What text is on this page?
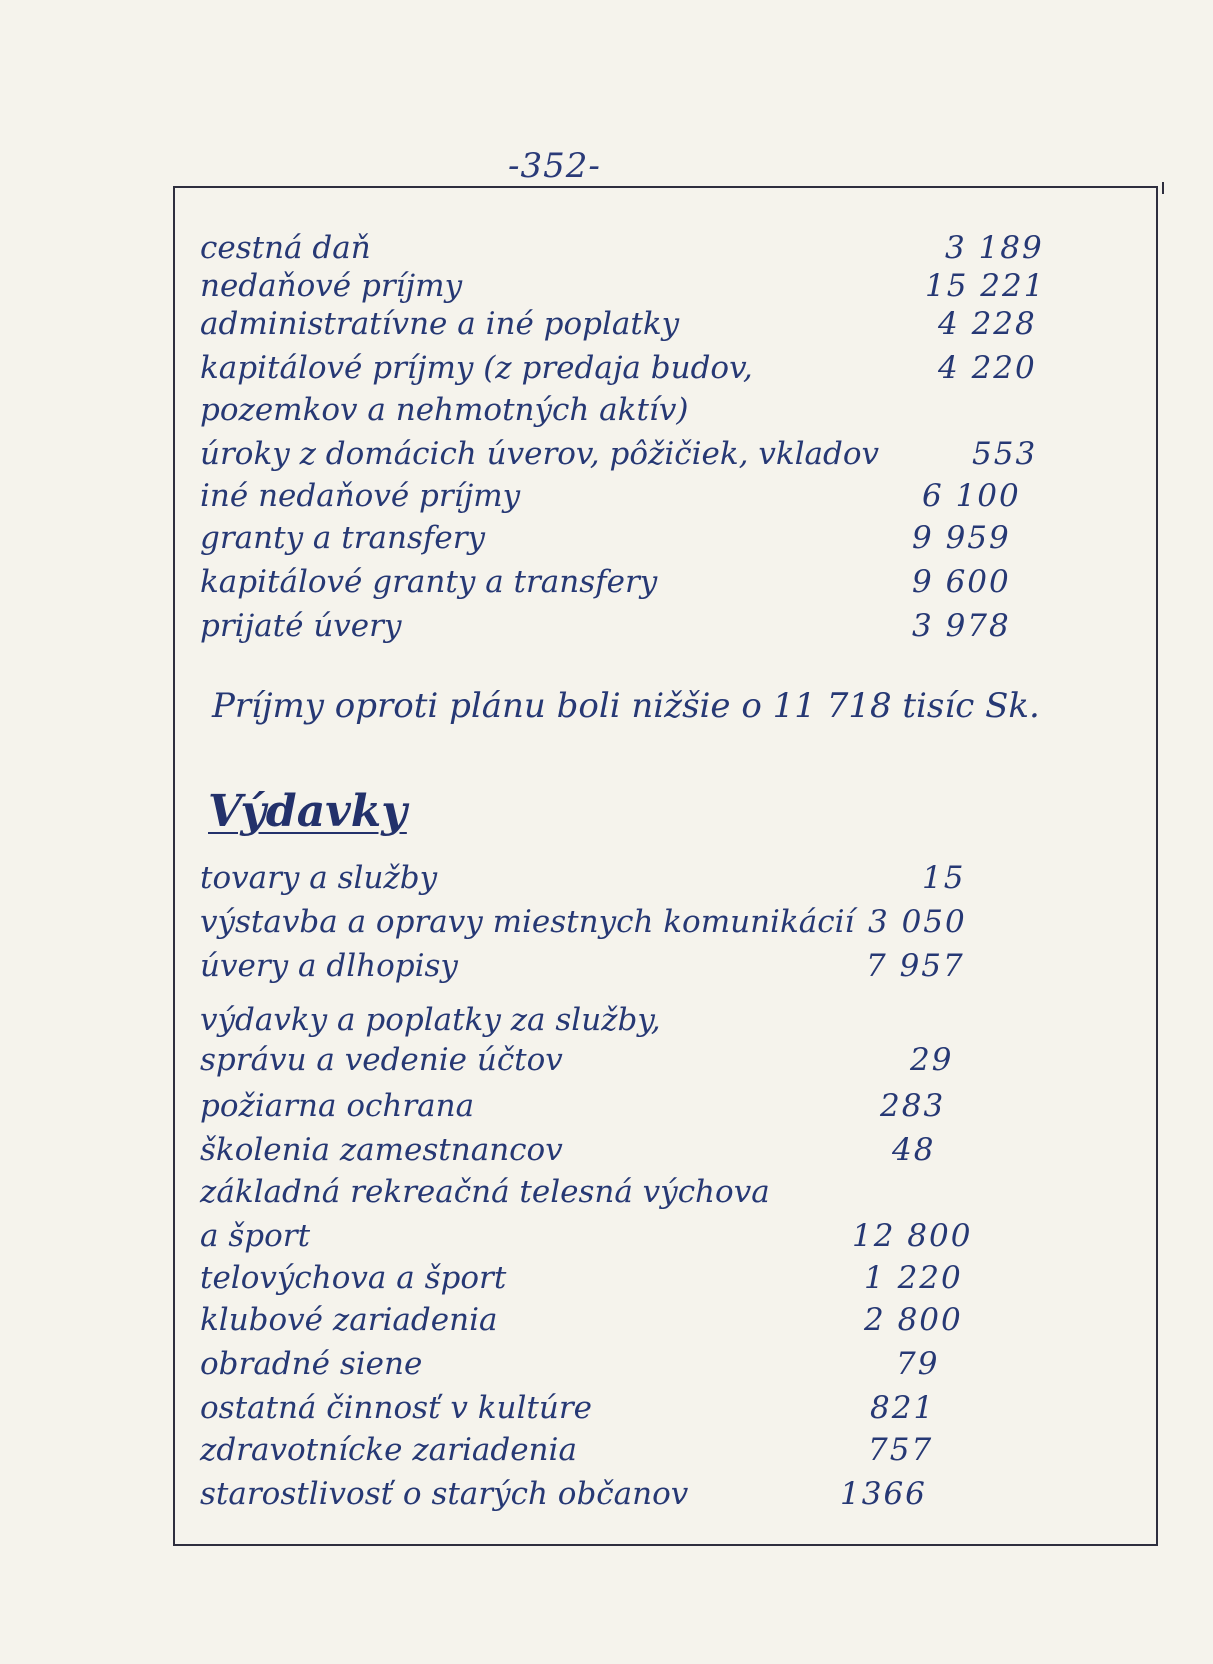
-352-
cestná daň	3 189
nedaňové príjmy	15 221
administratívne a iné poplatky	4 228
kapitálové príjmy (z predaja budov,	4 220
pozemkov a nehmotných aktív)
úroky z domácich úverov, pôžičiek, vkladov	553
iné nedaňové príjmy	6 100
granty a transfery	9 959
kapitálové granty a transfery	9 600
prijaté úvery	3 978
Príjmy oproti plánu boli nižšie o 11 718 tisíc Sk.
Výdavky
tovary a služby	15
výstavba a opravy miestnych komunikácií 3 050
úvery a dlhopisy	7 957
výdavky a poplatky za služby,
správu a vedenie účtov	29
požiarna ochrana	283
školenia zamestnancov	48
základná rekreačná telesná výchova
a šport	12 800
telovýchova a šport	1 220
klubové zariadenia	2 800
obradné siene	79
ostatná činnosť v kultúre	821
zdravotnícke zariadenia	757
starostlivosť o starých občanov	1366
